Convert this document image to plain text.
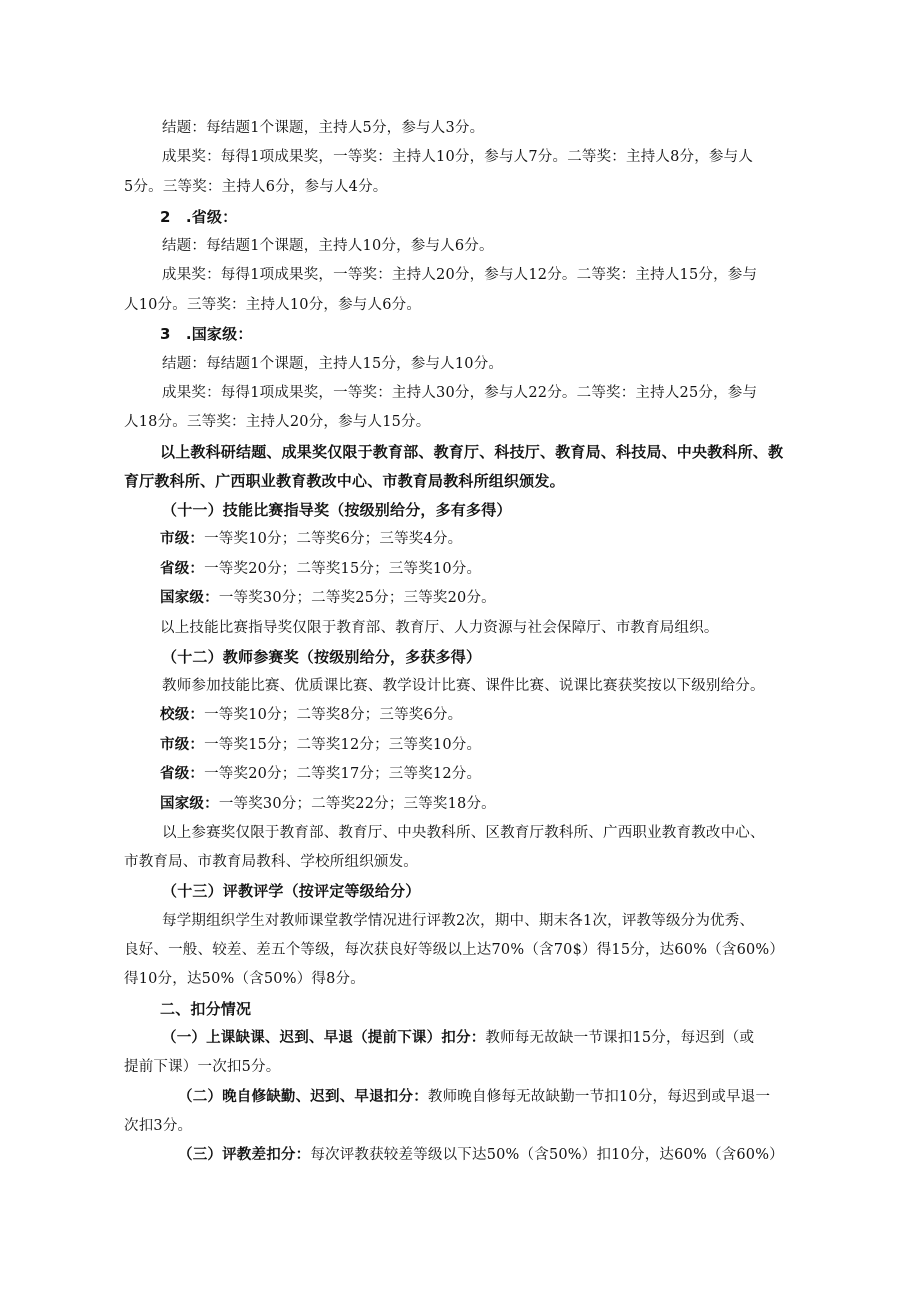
结题：每结题1个课题，主持人5分，参与人3分。
成果奖：每得1项成果奖，一等奖：主持人10分，参与人7分。二等奖：主持人8分，参与人
5分。三等奖：主持人6分，参与人4分。
2　.省级：
结题：每结题1个课题，主持人10分，参与人6分。
成果奖：每得1项成果奖，一等奖：主持人20分，参与人12分。二等奖：主持人15分，参与
人10分。三等奖：主持人10分，参与人6分。
3　.国家级：
结题：每结题1个课题，主持人15分，参与人10分。
成果奖：每得1项成果奖，一等奖：主持人30分，参与人22分。二等奖：主持人25分，参与
人18分。三等奖：主持人20分，参与人15分。
以上教科研结题、成果奖仅限于教育部、教育厅、科技厅、教育局、科技局、中央教科所、教
育厅教科所、广西职业教育教改中心、市教育局教科所组织颁发。
（十一）技能比赛指导奖（按级别给分，多有多得）
市级：一等奖10分；二等奖6分；三等奖4分。
省级：一等奖20分；二等奖15分；三等奖10分。
国家级：一等奖30分；二等奖25分；三等奖20分。
以上技能比赛指导奖仅限于教育部、教育厅、人力资源与社会保障厅、市教育局组织。
（十二）教师参赛奖（按级别给分，多获多得）
教师参加技能比赛、优质课比赛、教学设计比赛、课件比赛、说课比赛获奖按以下级别给分。
校级：一等奖10分；二等奖8分；三等奖6分。
市级：一等奖15分；二等奖12分；三等奖10分。
省级：一等奖20分；二等奖17分；三等奖12分。
国家级：一等奖30分；二等奖22分；三等奖18分。
以上参赛奖仅限于教育部、教育厅、中央教科所、区教育厅教科所、广西职业教育教改中心、
市教育局、市教育局教科、学校所组织颁发。
（十三）评教评学（按评定等级给分）
每学期组织学生对教师课堂教学情况进行评教2次，期中、期末各1次，评教等级分为优秀、
良好、一般、较差、差五个等级，每次获良好等级以上达70%（含70$）得15分，达60%（含60%）
得10分，达50%（含50%）得8分。
二、扣分情况
（一）上课缺课、迟到、早退（提前下课）扣分：教师每无故缺一节课扣15分，每迟到（或
提前下课）一次扣5分。
（二）晚自修缺勤、迟到、早退扣分：教师晚自修每无故缺勤一节扣10分，每迟到或早退一
次扣3分。
（三）评教差扣分：每次评教获较差等级以下达50%（含50%）扣10分，达60%（含60%）
